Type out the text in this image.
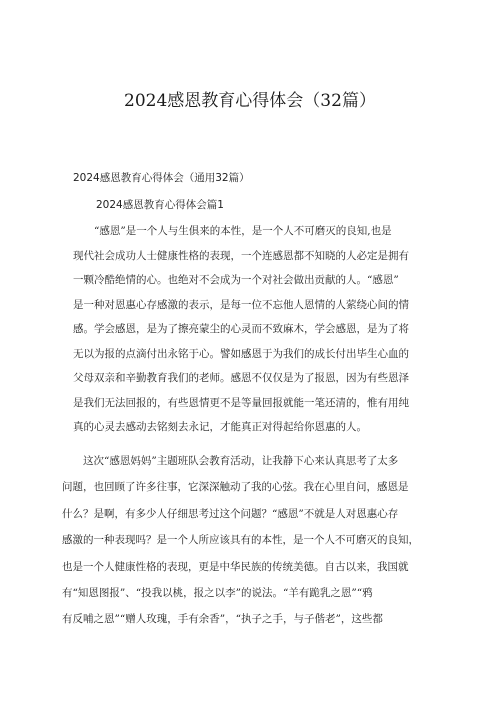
2024感恩教育心得体会（32篇）
2024感恩教育心得体会（通用32篇）
2024感恩教育心得体会篇1
　　“感恩”是一个人与生俱来的本性，是一个人不可磨灭的良知,也是
现代社会成功人士健康性格的表现，一个连感恩都不知晓的人必定是拥有
一颗冷酷绝情的心。也绝对不会成为一个对社会做出贡献的人。“感恩”
是一种对恩惠心存感激的表示，是每一位不忘他人恩情的人萦绕心间的情
感。学会感恩，是为了擦亮蒙尘的心灵而不致麻木，学会感恩，是为了将
无以为报的点滴付出永铭于心。譬如感恩于为我们的成长付出毕生心血的
父母双亲和辛勤教育我们的老师。感恩不仅仅是为了报恩，因为有些恩泽
是我们无法回报的，有些恩情更不是等量回报就能一笔还清的，惟有用纯
真的心灵去感动去铭刻去永记，才能真正对得起给你恩惠的人。
　　这次“感恩妈妈”主题班队会教育活动，让我静下心来认真思考了太多
问题，也回顾了许多往事，它深深触动了我的心弦。我在心里自问，感恩是
什么？是啊，有多少人仔细思考过这个问题？“感恩”不就是人对恩惠心存
感激的一种表现吗？是一个人所应该具有的本性，是一个人不可磨灭的良知，
也是一个人健康性格的表现，更是中华民族的传统美德。自古以来，我国就
有“知恩图报”、“投我以桃，报之以李”的说法。“羊有跪乳之恩”“鸦
有反哺之恩”“赠人玫瑰，手有余香”，“执子之手，与子偕老”，这些都
